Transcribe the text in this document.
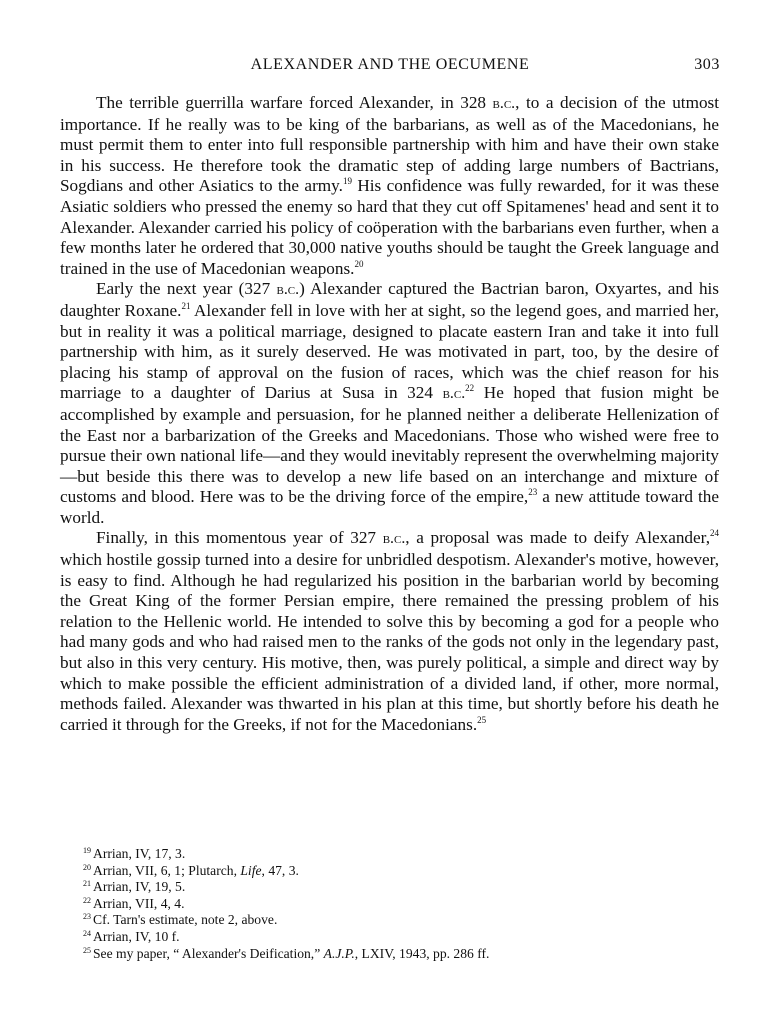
ALEXANDER AND THE OECUMENE	303

The terrible guerrilla warfare forced Alexander, in 328 b.c., to a decision of the utmost importance. If he really was to be king of the barbarians, as well as of the Macedonians, he must permit them to enter into full responsible partnership with him and have their own stake in his success. He therefore took the dramatic step of adding large numbers of Bactrians, Sogdians and other Asiatics to the army.$^{19}$ His confidence was fully rewarded, for it was these Asiatic soldiers who pressed the enemy so hard that they cut off Spitamenes' head and sent it to Alexander. Alexander carried his policy of coöperation with the barbarians even further, when a few months later he ordered that 30,000 native youths should be taught the Greek language and trained in the use of Macedonian weapons.$^{20}$

Early the next year (327 b.c.) Alexander captured the Bactrian baron, Oxyartes, and his daughter Roxane.$^{21}$ Alexander fell in love with her at sight, so the legend goes, and married her, but in reality it was a political marriage, designed to placate eastern Iran and take it into full partnership with him, as it surely deserved. He was motivated in part, too, by the desire of placing his stamp of approval on the fusion of races, which was the chief reason for his marriage to a daughter of Darius at Susa in 324 b.c.$^{22}$ He hoped that fusion might be accomplished by example and persuasion, for he planned neither a deliberate Hellenization of the East nor a barbarization of the Greeks and Macedonians. Those who wished were free to pursue their own national life—and they would inevitably represent the overwhelming majority—but beside this there was to develop a new life based on an interchange and mixture of customs and blood. Here was to be the driving force of the empire,$^{23}$ a new attitude toward the world.

Finally, in this momentous year of 327 b.c., a proposal was made to deify Alexander,$^{24}$ which hostile gossip turned into a desire for unbridled despotism. Alexander's motive, however, is easy to find. Although he had regularized his position in the barbarian world by becoming the Great King of the former Persian empire, there remained the pressing problem of his relation to the Hellenic world. He intended to solve this by becoming a god for a people who had many gods and who had raised men to the ranks of the gods not only in the legendary past, but also in this very century. His motive, then, was purely political, a simple and direct way by which to make possible the efficient administration of a divided land, if other, more normal, methods failed. Alexander was thwarted in his plan at this time, but shortly before his death he carried it through for the Greeks, if not for the Macedonians.$^{25}$

$^{19}$ Arrian, IV, 17, 3.
$^{20}$ Arrian, VII, 6, 1; Plutarch, Life, 47, 3.
$^{21}$ Arrian, IV, 19, 5.
$^{22}$ Arrian, VII, 4, 4.
$^{23}$ Cf. Tarn's estimate, note 2, above.
$^{24}$ Arrian, IV, 10 f.
$^{25}$ See my paper, “ Alexander's Deification,” A.J.P., LXIV, 1943, pp. 286 ff.
